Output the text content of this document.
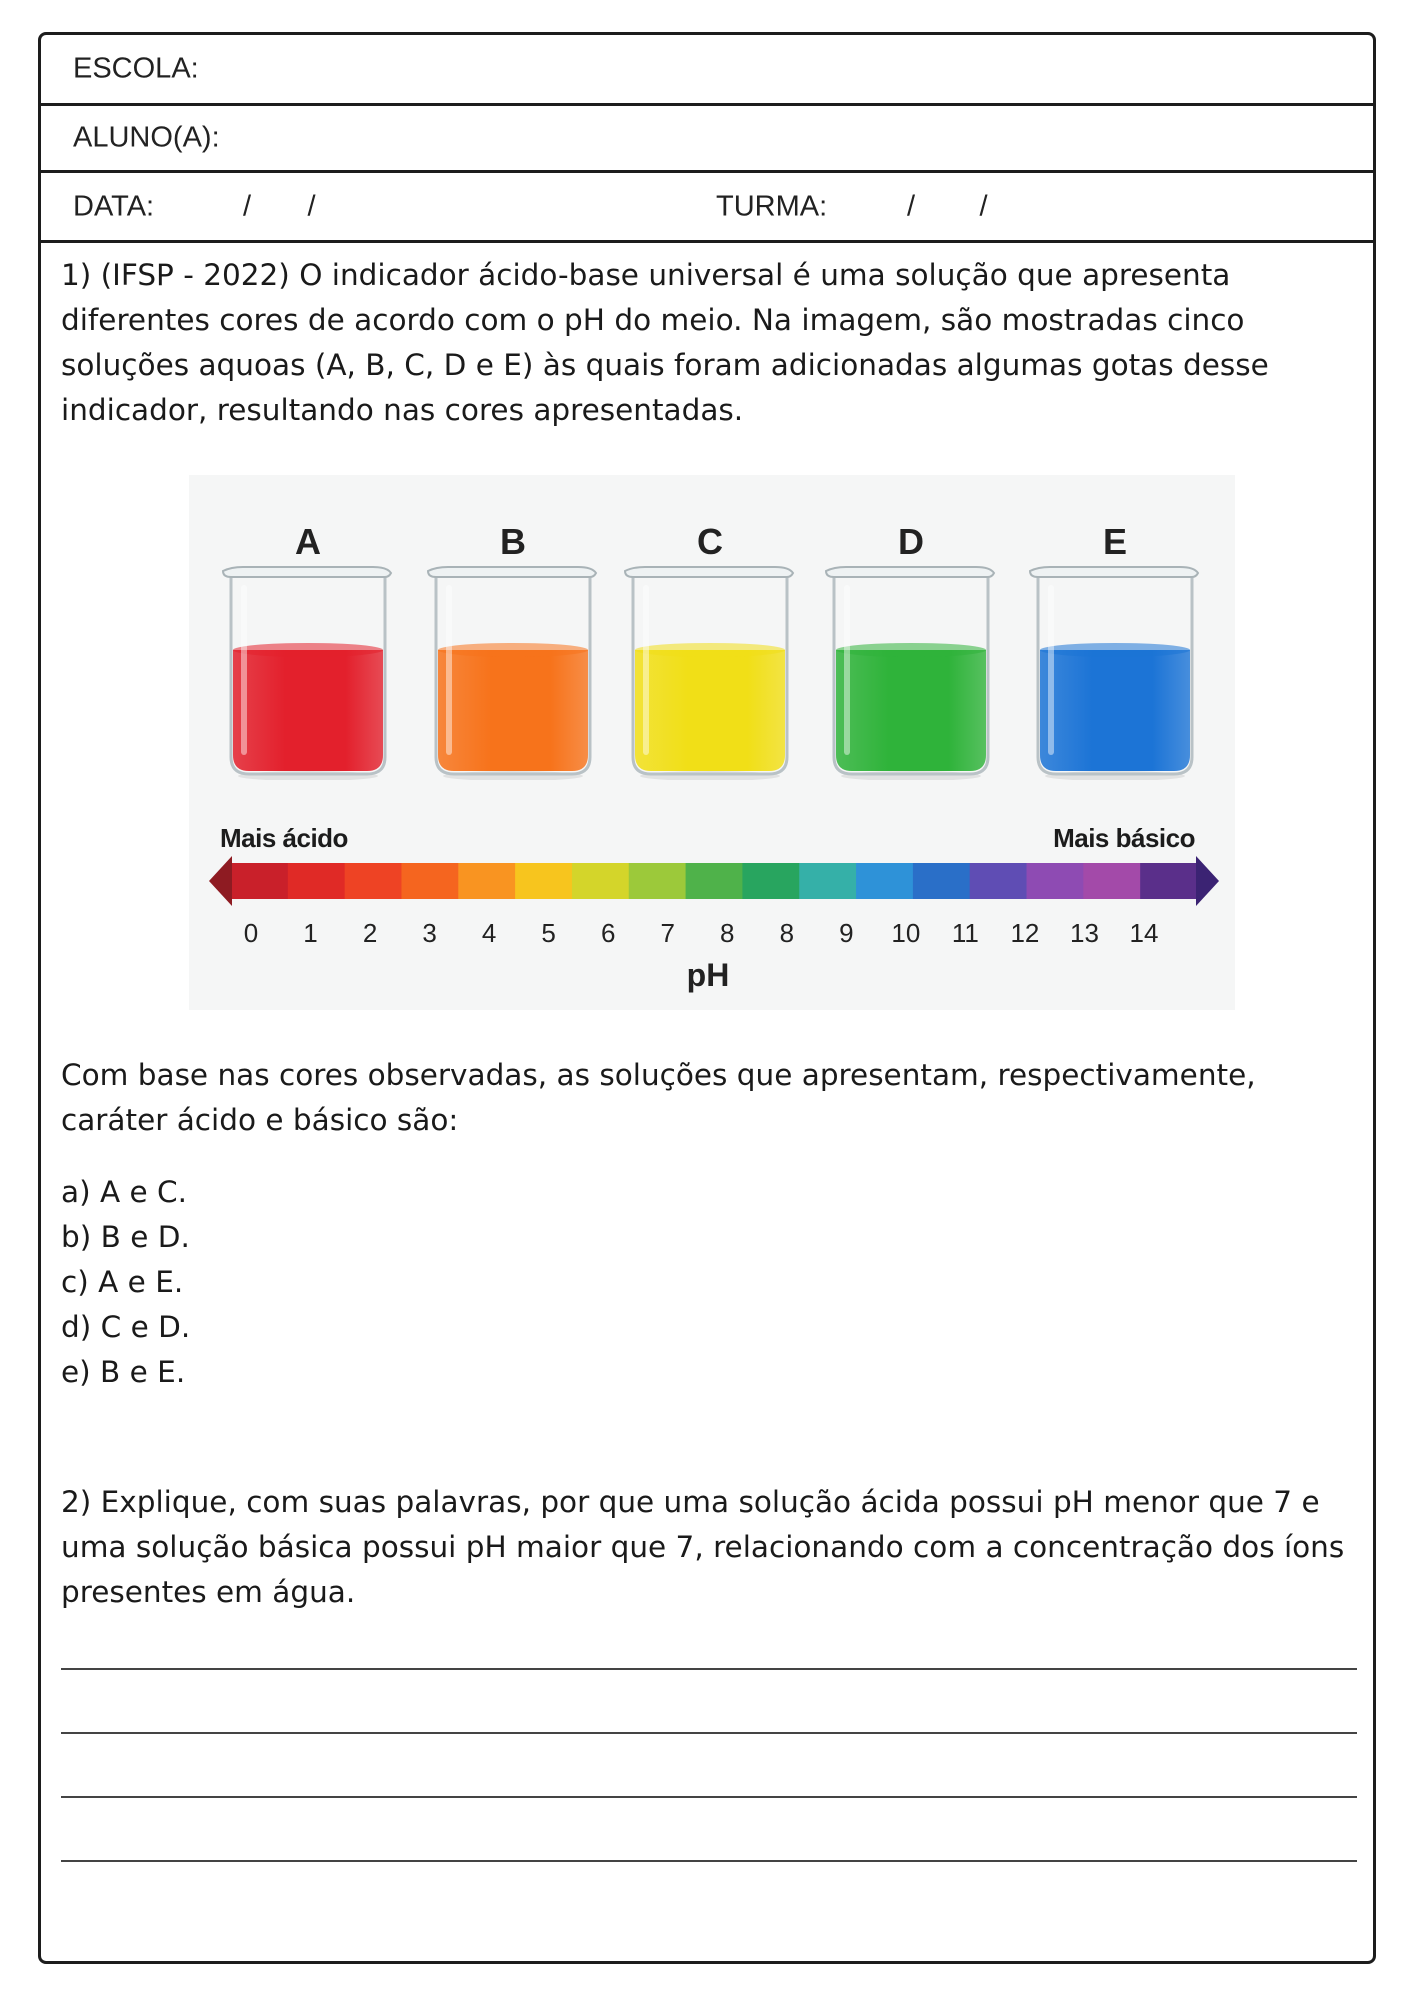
ESCOLA:
ALUNO(A):
DATA:	/       /	TURMA:	/        /

1) (IFSP - 2022) O indicador ácido-base universal é uma solução que apresenta diferentes cores de acordo com o pH do meio. Na imagem, são mostradas cinco soluções aquoas (A, B, C, D e E) às quais foram adicionadas algumas gotas desse indicador, resultando nas cores apresentadas.

A	B	C	D	E
Mais ácido	Mais básico
0 1 2 3 4 5 6 7 8 8 9 10 11 12 13 14
pH

Com base nas cores observadas, as soluções que apresentam, respectivamente, caráter ácido e básico são:

a) A e C.

b) B e D.

c) A e E.

d) C e D.

e) B e E.

2) Explique, com suas palavras, por que uma solução ácida possui pH menor que 7 e uma solução básica possui pH maior que 7, relacionando com a concentração dos íons presentes em água.
